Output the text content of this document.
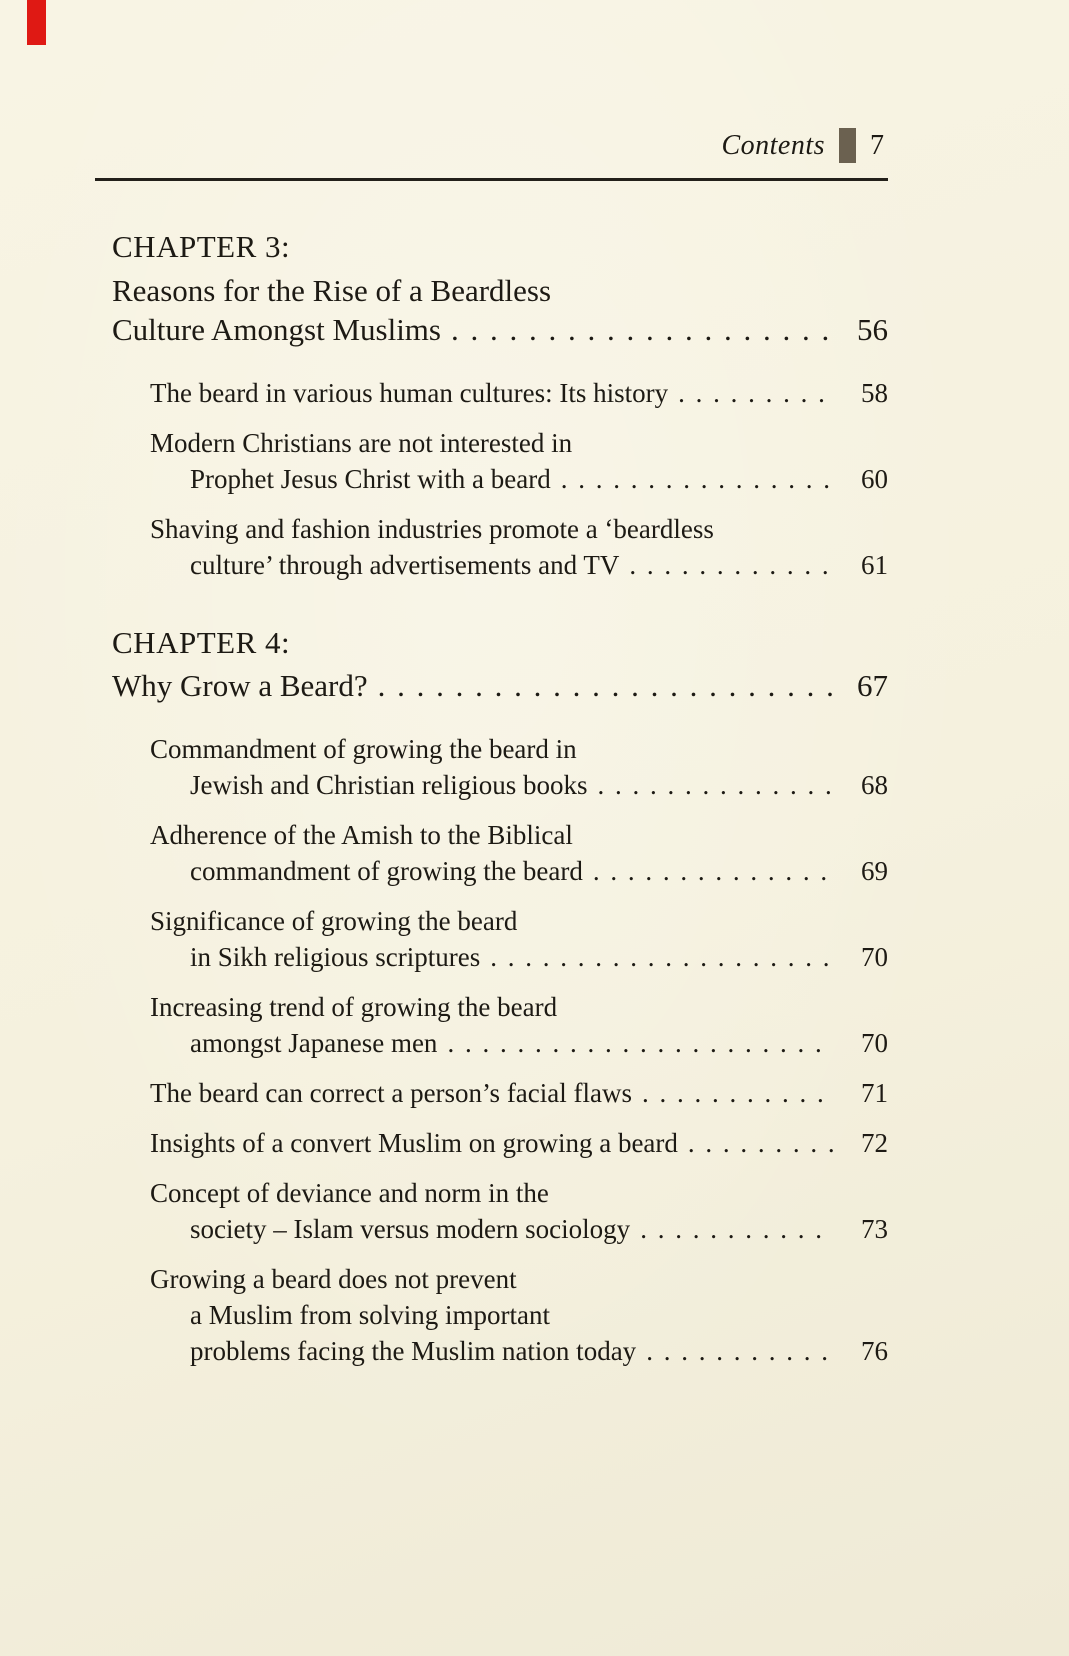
Contents 7
CHAPTER 3:
Reasons for the Rise of a Beardless
Culture Amongst Muslims . . .	56
The beard in various human cultures: Its history . . .	58
Modern Christians are not interested in
Prophet Jesus Christ with a beard . . .	60
Shaving and fashion industries promote a ‘beardless
culture’ through advertisements and TV . . .	61
CHAPTER 4:
Why Grow a Beard? . . .	67
Commandment of growing the beard in
Jewish and Christian religious books . . .	68
Adherence of the Amish to the Biblical
commandment of growing the beard . . .	69
Significance of growing the beard
in Sikh religious scriptures . . .	70
Increasing trend of growing the beard
amongst Japanese men . . .	70
The beard can correct a person’s facial flaws . . .	71
Insights of a convert Muslim on growing a beard . . .	72
Concept of deviance and norm in the
society – Islam versus modern sociology . . .	73
Growing a beard does not prevent
a Muslim from solving important
problems facing the Muslim nation today . . .	76
